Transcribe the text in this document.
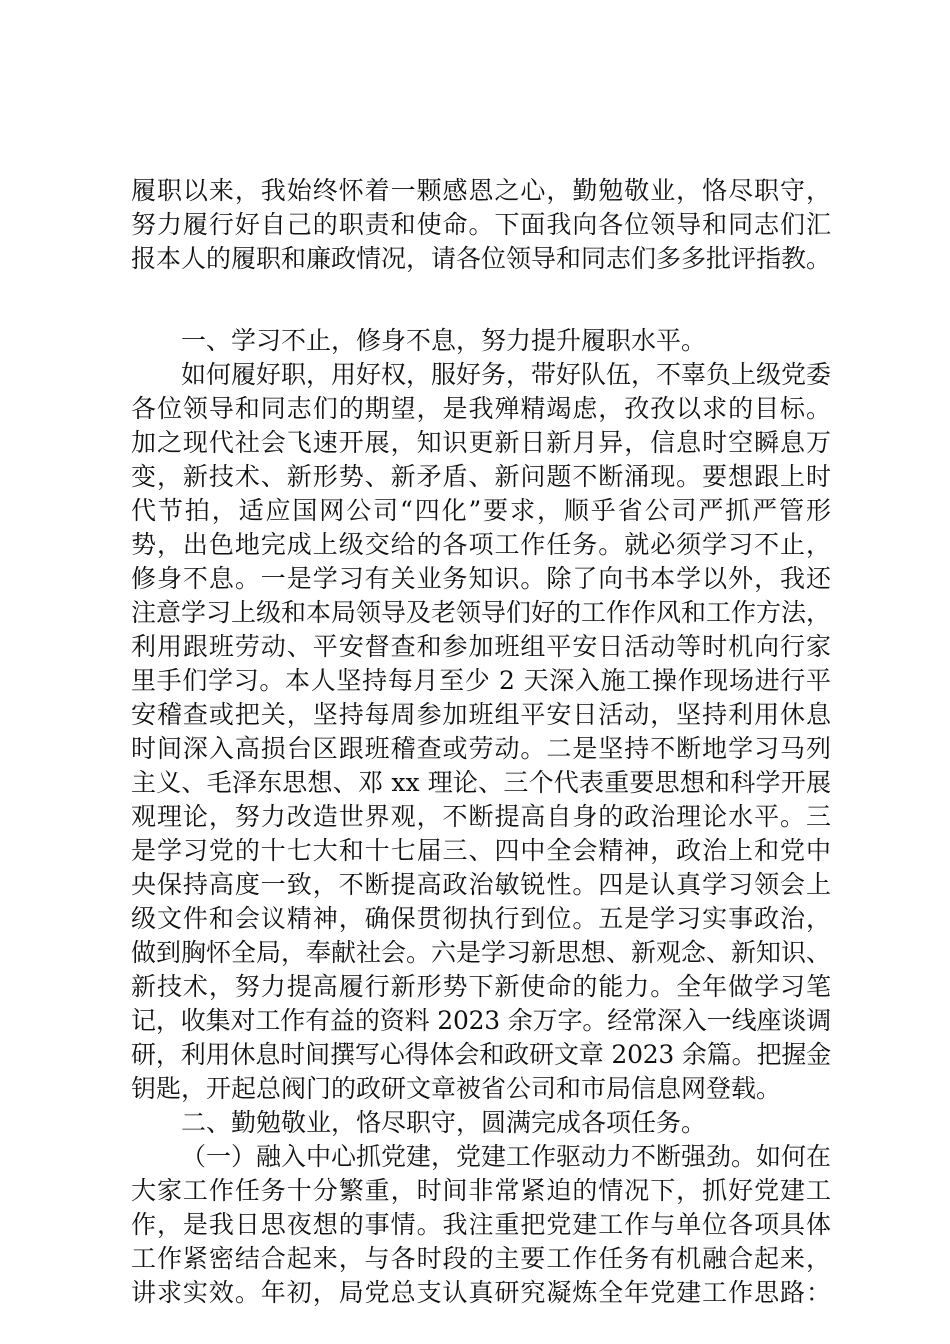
履职以来，我始终怀着一颗感恩之心，勤勉敬业，恪尽职守，
努力履行好自己的职责和使命。下面我向各位领导和同志们汇
报本人的履职和廉政情况，请各位领导和同志们多多批评指教。
一、学习不止，修身不息，努力提升履职水平。
如何履好职，用好权，服好务，带好队伍，不辜负上级党委
各位领导和同志们的期望，是我殚精竭虑，孜孜以求的目标。
加之现代社会飞速开展，知识更新日新月异，信息时空瞬息万
变，新技术、新形势、新矛盾、新问题不断涌现。要想跟上时
代节拍，适应国网公司“四化”要求，顺乎省公司严抓严管形
势，出色地完成上级交给的各项工作任务。就必须学习不止，
修身不息。一是学习有关业务知识。除了向书本学以外，我还
注意学习上级和本局领导及老领导们好的工作作风和工作方法，
利用跟班劳动、平安督查和参加班组平安日活动等时机向行家
里手们学习。本人坚持每月至少 2 天深入施工操作现场进行平
安稽查或把关，坚持每周参加班组平安日活动，坚持利用休息
时间深入高损台区跟班稽查或劳动。二是坚持不断地学习马列
主义、毛泽东思想、邓 xx 理论、三个代表重要思想和科学开展
观理论，努力改造世界观，不断提高自身的政治理论水平。三
是学习党的十七大和十七届三、四中全会精神，政治上和党中
央保持高度一致，不断提高政治敏锐性。四是认真学习领会上
级文件和会议精神，确保贯彻执行到位。五是学习实事政治，
做到胸怀全局，奉献社会。六是学习新思想、新观念、新知识、
新技术，努力提高履行新形势下新使命的能力。全年做学习笔
记，收集对工作有益的资料 2023 余万字。经常深入一线座谈调
研，利用休息时间撰写心得体会和政研文章 2023 余篇。把握金
钥匙，开起总阀门的政研文章被省公司和市局信息网登载。
二、勤勉敬业，恪尽职守，圆满完成各项任务。
（一）融入中心抓党建，党建工作驱动力不断强劲。如何在
大家工作任务十分繁重，时间非常紧迫的情况下，抓好党建工
作，是我日思夜想的事情。我注重把党建工作与单位各项具体
工作紧密结合起来，与各时段的主要工作任务有机融合起来，
讲求实效。年初，局党总支认真研究凝炼全年党建工作思路：
